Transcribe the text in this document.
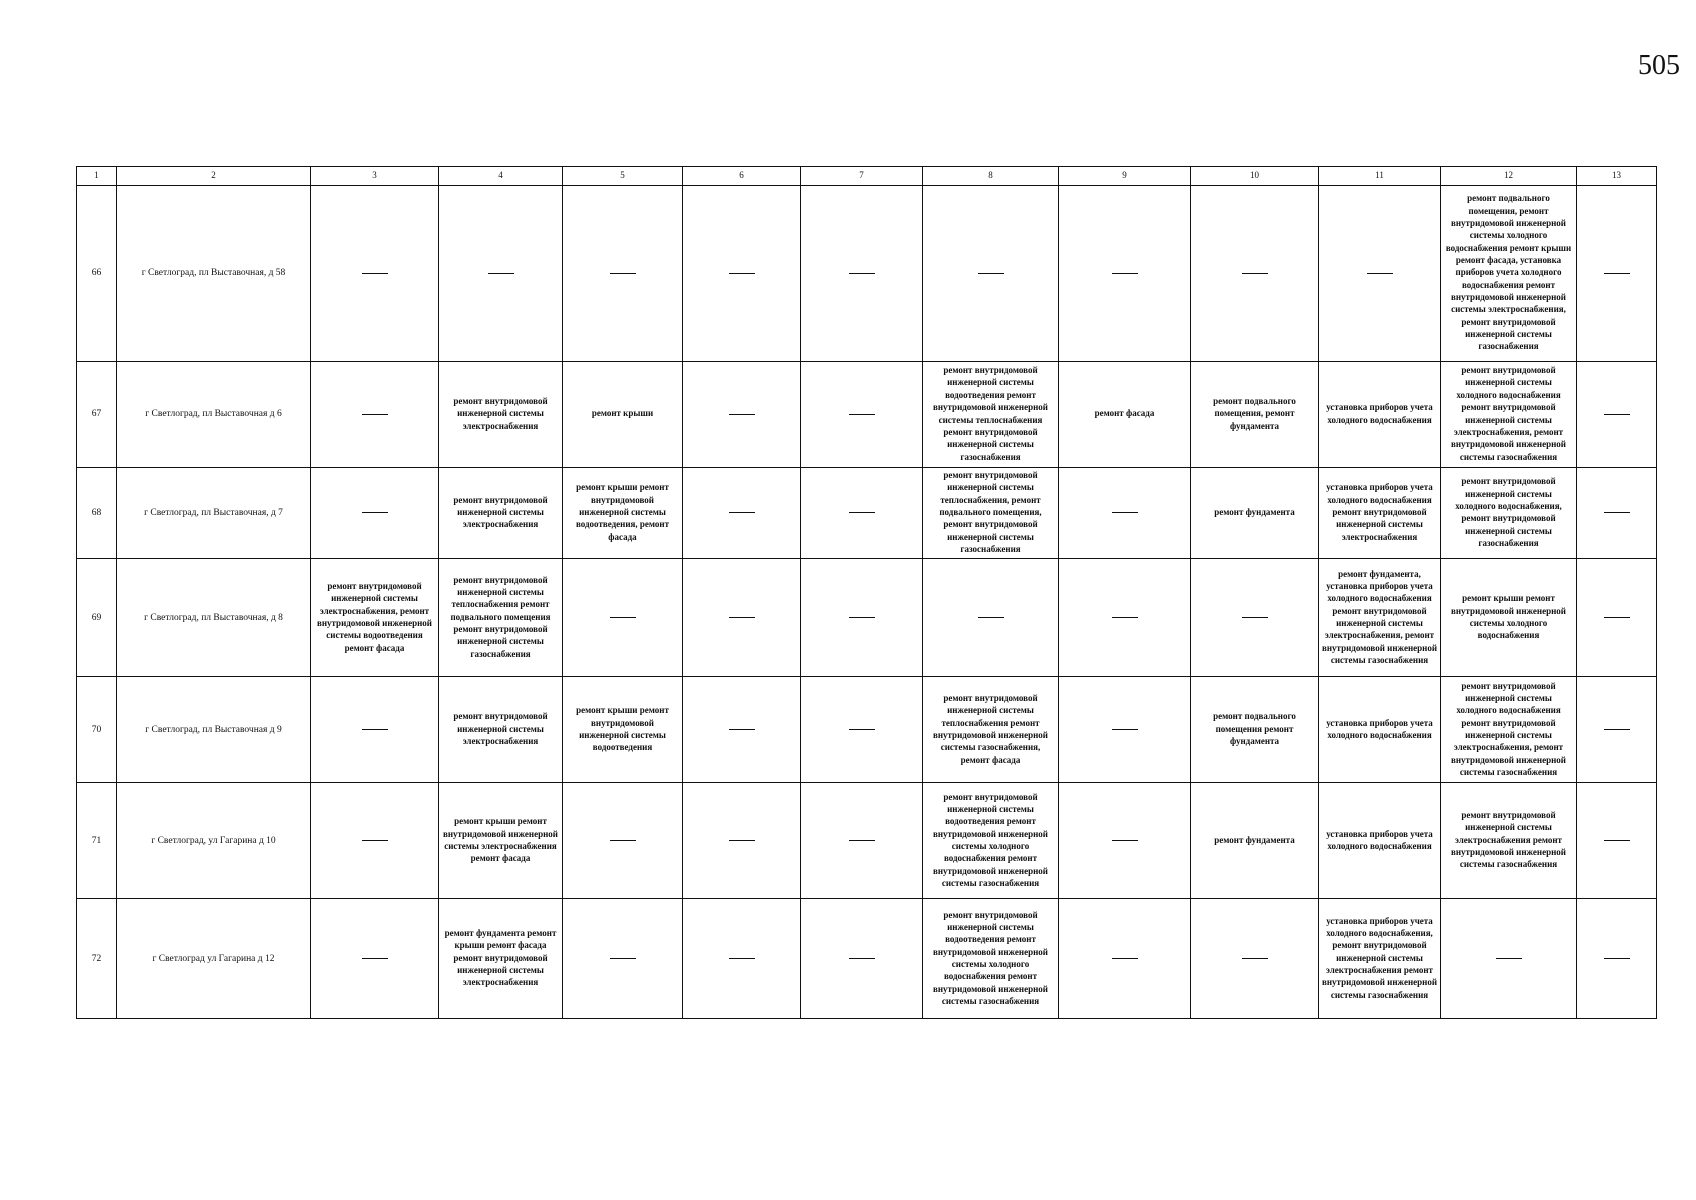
505
1	2	3	4	5	6	7	8	9	10	11	12	13
66	г Светлоград, пл Выставочная, д 58										ремонт подвального помещения, ремонт внутридомовой инженерной системы холодного водоснабжения ремонт крыши ремонт фасада, установка приборов учета холодного водоснабжения ремонт внутридомовой инженерной системы электроснабжения, ремонт внутридомовой инженерной системы газоснабжения	
67	г Светлоград, пл Выставочная д 6		ремонт внутридомовой инженерной системы электроснабжения	ремонт крыши			ремонт внутридомовой инженерной системы водоотведения ремонт внутридомовой инженерной системы теплоснабжения ремонт внутридомовой инженерной системы газоснабжения	ремонт фасада	ремонт подвального помещения, ремонт фундамента	установка приборов учета холодного водоснабжения	ремонт внутридомовой инженерной системы холодного водоснабжения ремонт внутридомовой инженерной системы электроснабжения, ремонт внутридомовой инженерной системы газоснабжения	
68	г Светлоград, пл Выставочная, д 7		ремонт внутридомовой инженерной системы электроснабжения	ремонт крыши ремонт внутридомовой инженерной системы водоотведения, ремонт фасада			ремонт внутридомовой инженерной системы теплоснабжения, ремонт подвального помещения, ремонт внутридомовой инженерной системы газоснабжения		ремонт фундамента	установка приборов учета холодного водоснабжения ремонт внутридомовой инженерной системы электроснабжения	ремонт внутридомовой инженерной системы холодного водоснабжения, ремонт внутридомовой инженерной системы газоснабжения	
69	г Светлоград, пл Выставочная, д 8	ремонт внутридомовой инженерной системы электроснабжения, ремонт внутридомовой инженерной системы водоотведения ремонт фасада	ремонт внутридомовой инженерной системы теплоснабжения ремонт подвального помещения ремонт внутридомовой инженерной системы газоснабжения							ремонт фундамента, установка приборов учета холодного водоснабжения ремонт внутридомовой инженерной системы электроснабжения, ремонт внутридомовой инженерной системы газоснабжения	ремонт крыши ремонт внутридомовой инженерной системы холодного водоснабжения	
70	г Светлоград, пл Выставочная д 9		ремонт внутридомовой инженерной системы электроснабжения	ремонт крыши ремонт внутридомовой инженерной системы водоотведения			ремонт внутридомовой инженерной системы теплоснабжения ремонт внутридомовой инженерной системы газоснабжения, ремонт фасада		ремонт подвального помещения ремонт фундамента	установка приборов учета холодного водоснабжения	ремонт внутридомовой инженерной системы холодного водоснабжения ремонт внутридомовой инженерной системы электроснабжения, ремонт внутридомовой инженерной системы газоснабжения	
71	г Светлоград, ул Гагарина д 10		ремонт крыши ремонт внутридомовой инженерной системы электроснабжения ремонт фасада				ремонт внутридомовой инженерной системы водоотведения ремонт внутридомовой инженерной системы холодного водоснабжения ремонт внутридомовой инженерной системы газоснабжения		ремонт фундамента	установка приборов учета холодного водоснабжения	ремонт внутридомовой инженерной системы электроснабжения ремонт внутридомовой инженерной системы газоснабжения	
72	г Светлоград ул Гагарина д 12		ремонт фундамента ремонт крыши ремонт фасада ремонт внутридомовой инженерной системы электроснабжения				ремонт внутридомовой инженерной системы водоотведения ремонт внутридомовой инженерной системы холодного водоснабжения ремонт внутридомовой инженерной системы газоснабжения			установка приборов учета холодного водоснабжения, ремонт внутридомовой инженерной системы электроснабжения ремонт внутридомовой инженерной системы газоснабжения		
